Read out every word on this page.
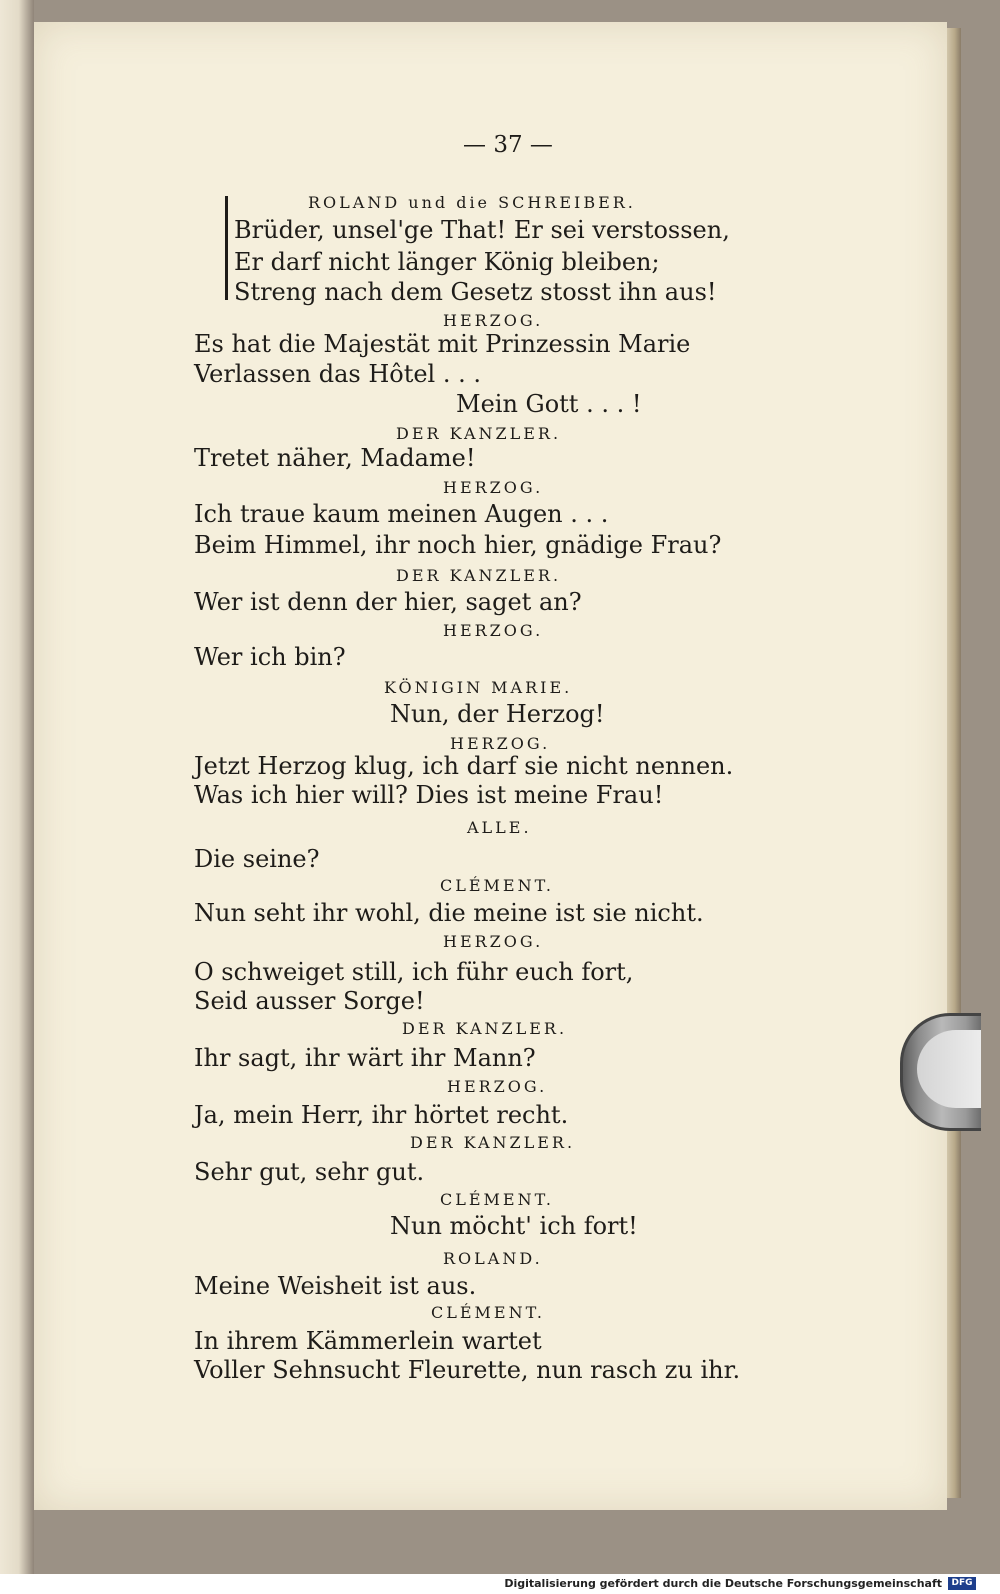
— 37 —
ROLAND und die SCHREIBER.
Brüder, unsel'ge That! Er sei verstossen,
Er darf nicht länger König bleiben;
Streng nach dem Gesetz stosst ihn aus!
HERZOG.
Es hat die Majestät mit Prinzessin Marie
Verlassen das Hôtel . . .
Mein Gott . . . !
DER KANZLER.
Tretet näher, Madame!
HERZOG.
Ich traue kaum meinen Augen . . .
Beim Himmel, ihr noch hier, gnädige Frau?
DER KANZLER.
Wer ist denn der hier, saget an?
HERZOG.
Wer ich bin?
KÖNIGIN MARIE.
Nun, der Herzog!
HERZOG.
Jetzt Herzog klug, ich darf sie nicht nennen.
Was ich hier will? Dies ist meine Frau!
ALLE.
Die seine?
CLÉMENT.
Nun seht ihr wohl, die meine ist sie nicht.
HERZOG.
O schweiget still, ich führ euch fort,
Seid ausser Sorge!
DER KANZLER.
Ihr sagt, ihr wärt ihr Mann?
HERZOG.
Ja, mein Herr, ihr hörtet recht.
DER KANZLER.
Sehr gut, sehr gut.
CLÉMENT.
Nun möcht' ich fort!
ROLAND.
Meine Weisheit ist aus.
CLÉMENT.
In ihrem Kämmerlein wartet
Voller Sehnsucht Fleurette, nun rasch zu ihr.
Digitalisierung gefördert durch die Deutsche Forschungsgemeinschaft	DFG
